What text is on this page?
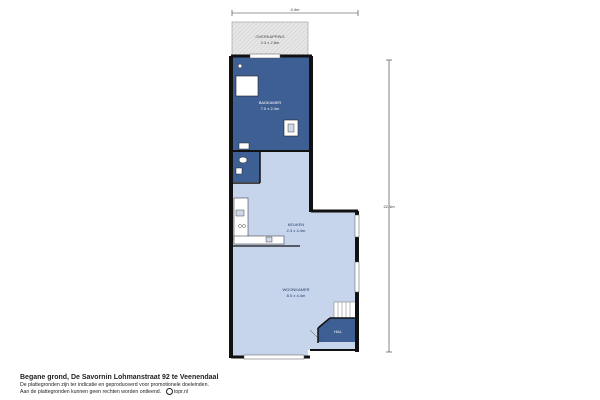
4.4m
22.1m
OVERKAPPING
2.4 x 2.8m
BADKAMER
7.0 x 2.4m
KEUKEN
2.3 x 4.4m
WOONKAMER
8.0 x 4.4m
HAL
Begane grond, De Savornin Lohmanstraat 92 te Veenendaal
De plattegronden zijn ter indicatie en geproduceerd voor promotionele doeleinden.
Aan de plattegronden kunnen geen rechten worden ontleend. topr.nl
